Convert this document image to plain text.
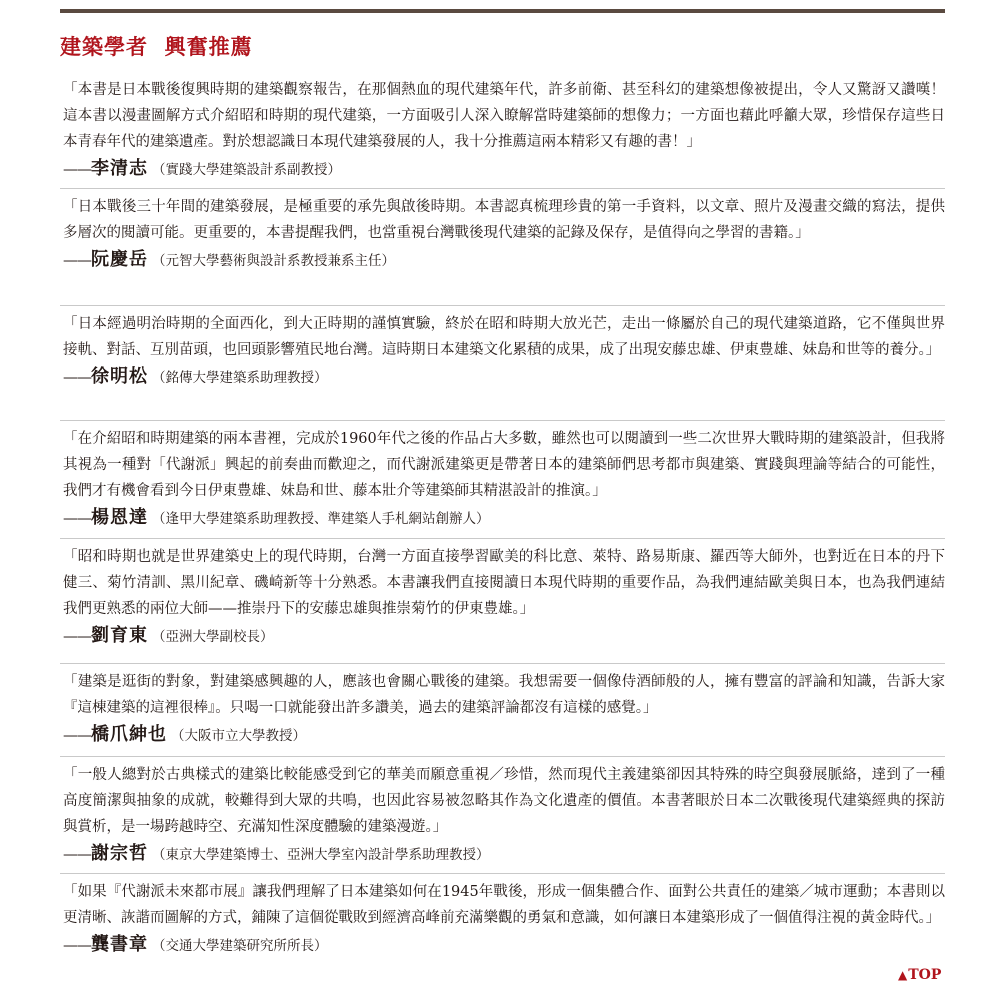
建築學者  興奮推薦

「本書是日本戰後復興時期的建築觀察報告，在那個熱血的現代建築年代，許多前衛、甚至科幻的建築想像被提出，令人又驚訝又讚嘆！這本書以漫畫圖解方式介紹昭和時期的現代建築，一方面吸引人深入瞭解當時建築師的想像力；一方面也藉此呼籲大眾，珍惜保存這些日本青春年代的建築遺產。對於想認識日本現代建築發展的人，我十分推薦這兩本精彩又有趣的書！」

——李清志 （實踐大學建築設計系副教授）

「日本戰後三十年間的建築發展，是極重要的承先與啟後時期。本書認真梳理珍貴的第一手資料，以文章、照片及漫畫交織的寫法，提供多層次的閱讀可能。更重要的，本書提醒我們，也當重視台灣戰後現代建築的記錄及保存，是值得向之學習的書籍。」

——阮慶岳 （元智大學藝術與設計系教授兼系主任）

「日本經過明治時期的全面西化，到大正時期的謹慎實驗，終於在昭和時期大放光芒，走出一條屬於自己的現代建築道路，它不僅與世界接軌、對話、互別苗頭，也回頭影響殖民地台灣。這時期日本建築文化累積的成果，成了出現安藤忠雄、伊東豊雄、妹島和世等的養分。」

——徐明松 （銘傳大學建築系助理教授）

「在介紹昭和時期建築的兩本書裡，完成於1960年代之後的作品占大多數，雖然也可以閱讀到一些二次世界大戰時期的建築設計，但我將其視為一種對「代謝派」興起的前奏曲而歡迎之，而代謝派建築更是帶著日本的建築師們思考都市與建築、實踐與理論等結合的可能性，我們才有機會看到今日伊東豊雄、妹島和世、藤本壯介等建築師其精湛設計的推演。」

——楊恩達 （逢甲大學建築系助理教授、準建築人手札網站創辦人）

「昭和時期也就是世界建築史上的現代時期，台灣一方面直接學習歐美的科比意、萊特、路易斯康、羅西等大師外，也對近在日本的丹下健三、菊竹清訓、黑川紀章、磯崎新等十分熟悉。本書讓我們直接閱讀日本現代時期的重要作品，為我們連結歐美與日本，也為我們連結我們更熟悉的兩位大師——推崇丹下的安藤忠雄與推崇菊竹的伊東豊雄。」

——劉育東 （亞洲大學副校長）

「建築是逛街的對象，對建築感興趣的人，應該也會關心戰後的建築。我想需要一個像侍酒師般的人，擁有豐富的評論和知識，告訴大家『這棟建築的這裡很棒』。只喝一口就能發出許多讚美，過去的建築評論都沒有這樣的感覺。」

——橋爪紳也 （大阪市立大學教授）

「一般人總對於古典樣式的建築比較能感受到它的華美而願意重視／珍惜，然而現代主義建築卻因其特殊的時空與發展脈絡，達到了一種高度簡潔與抽象的成就，較難得到大眾的共鳴，也因此容易被忽略其作為文化遺產的價值。本書著眼於日本二次戰後現代建築經典的探訪與賞析，是一場跨越時空、充滿知性深度體驗的建築漫遊。」

——謝宗哲 （東京大學建築博士、亞洲大學室內設計學系助理教授）

「如果『代謝派未來都市展』讓我們理解了日本建築如何在1945年戰後，形成一個集體合作、面對公共責任的建築／城市運動；本書則以更清晰、詼諧而圖解的方式，鋪陳了這個從戰敗到經濟高峰前充滿樂觀的勇氣和意識，如何讓日本建築形成了一個值得注視的黃金時代。」

——龔書章 （交通大學建築研究所所長）

▲ TOP
